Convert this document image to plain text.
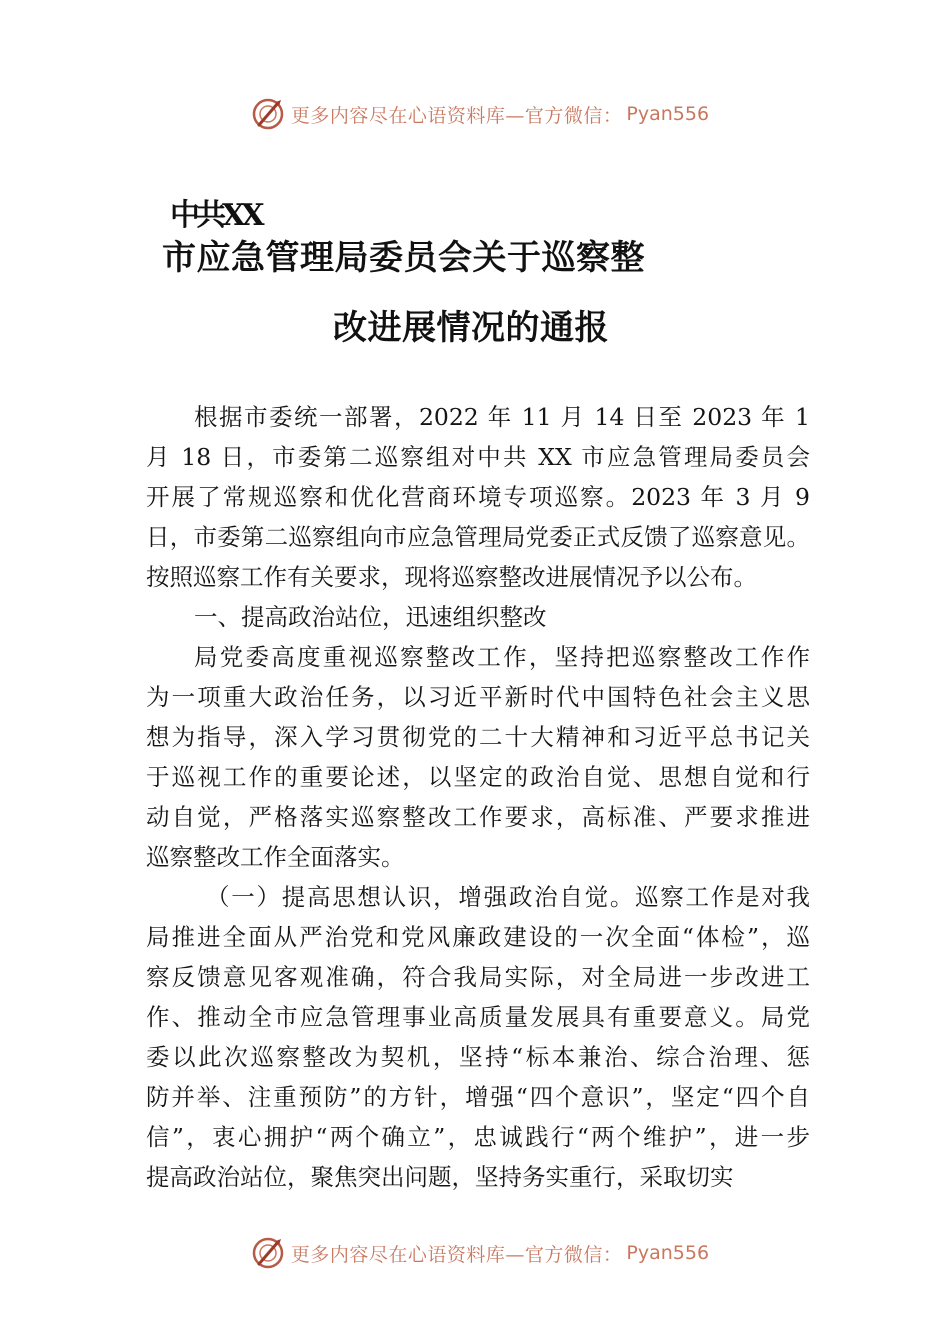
更多内容尽在心语资料库—官方微信： Pyan556
中共XX
市应急管理局委员会关于巡察整
改进展情况的通报
根据市委统一部署，2022 年 11 月 14 日至 2023 年 1
月 18 日，市委第二巡察组对中共 XX 市应急管理局委员会
开展了常规巡察和优化营商环境专项巡察。2023 年 3 月 9
日，市委第二巡察组向市应急管理局党委正式反馈了巡察意见。
按照巡察工作有关要求，现将巡察整改进展情况予以公布。
一、提高政治站位，迅速组织整改
局党委高度重视巡察整改工作，坚持把巡察整改工作作
为一项重大政治任务，以习近平新时代中国特色社会主义思
想为指导，深入学习贯彻党的二十大精神和习近平总书记关
于巡视工作的重要论述，以坚定的政治自觉、思想自觉和行
动自觉，严格落实巡察整改工作要求，高标准、严要求推进
巡察整改工作全面落实。
（一）提高思想认识，增强政治自觉。巡察工作是对我
局推进全面从严治党和党风廉政建设的一次全面“体检”，巡
察反馈意见客观准确，符合我局实际，对全局进一步改进工
作、推动全市应急管理事业高质量发展具有重要意义。局党
委以此次巡察整改为契机，坚持“标本兼治、综合治理、惩
防并举、注重预防”的方针，增强“四个意识”，坚定“四个自
信”，衷心拥护“两个确立”，忠诚践行“两个维护”，进一步
提高政治站位，聚焦突出问题，坚持务实重行，采取切实
更多内容尽在心语资料库—官方微信： Pyan556
